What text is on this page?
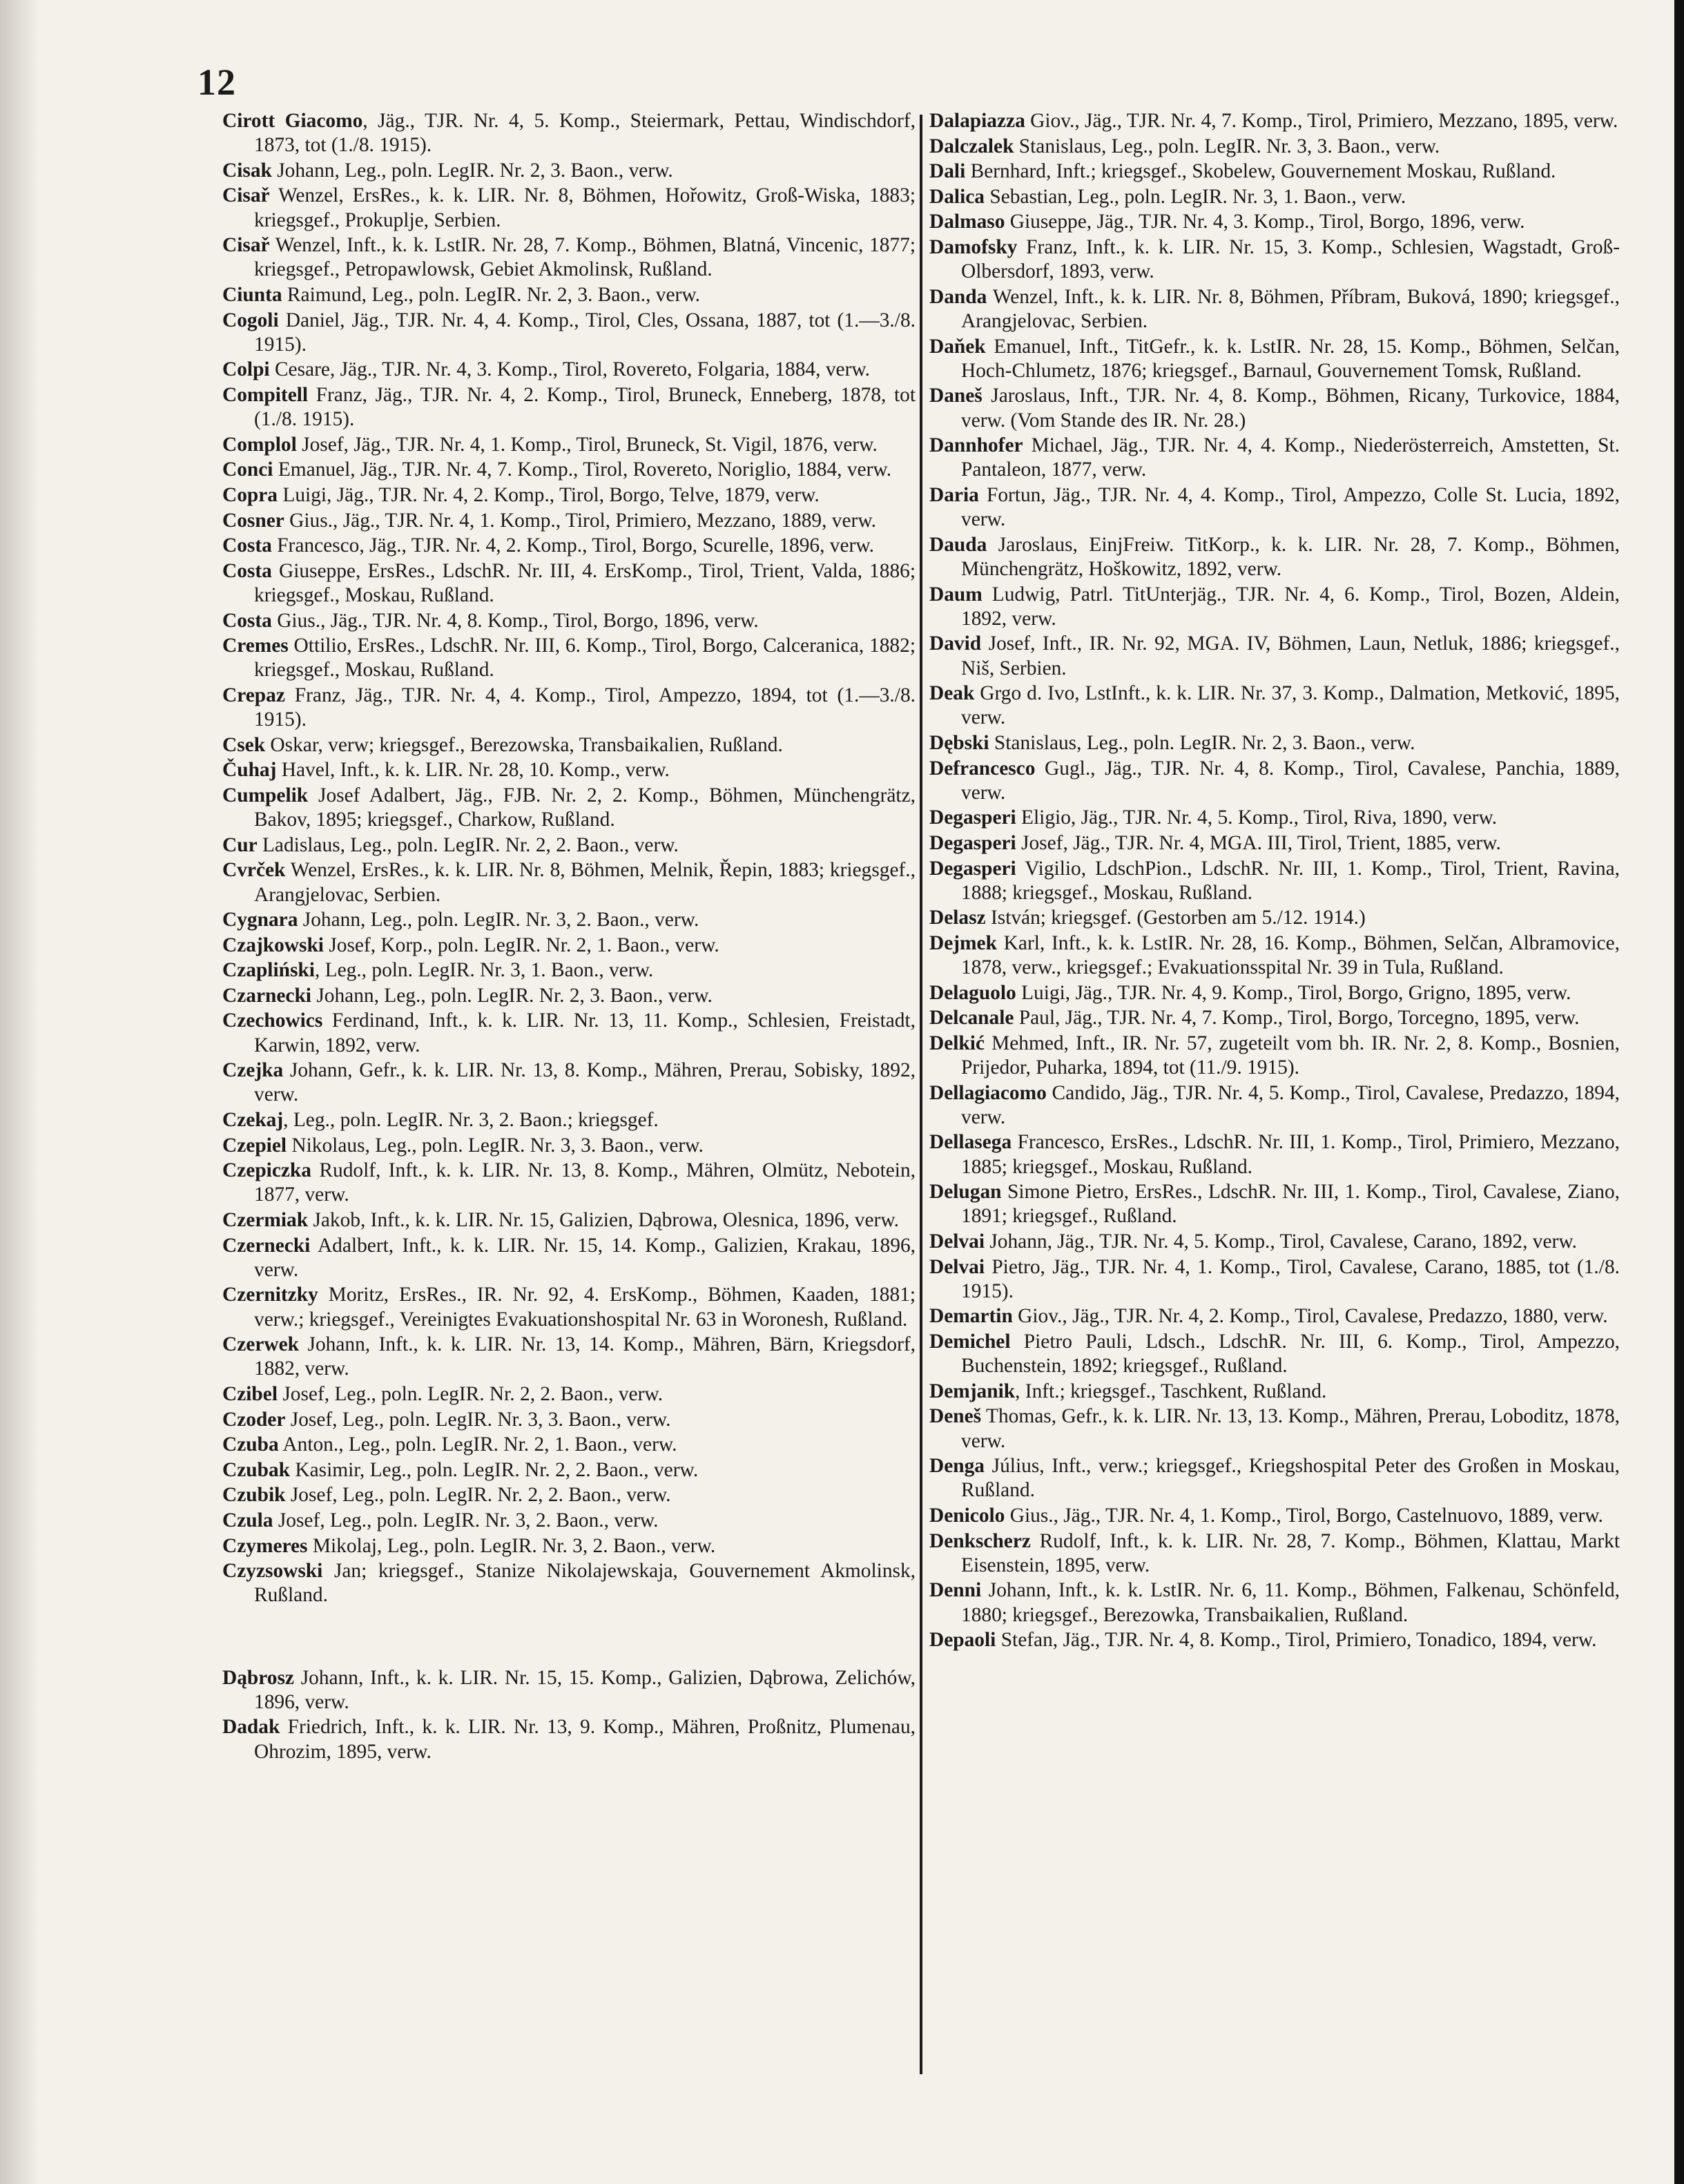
12
Cirott Giacomo, Jäg., TJR. Nr. 4, 5. Komp., Steiermark, Pettau, Windischdorf, 1873, tot (1./8. 1915).
Cisak Johann, Leg., poln. LegIR. Nr. 2, 3. Baon., verw.
Cisař Wenzel, ErsRes., k. k. LIR. Nr. 8, Böhmen, Hořowitz, Groß-Wiska, 1883; kriegsgef., Prokuplje, Serbien.
Cisař Wenzel, Inft., k. k. LstIR. Nr. 28, 7. Komp., Böhmen, Blatná, Vincenic, 1877; kriegsgef., Petropawlowsk, Gebiet Akmolinsk, Rußland.
Ciunta Raimund, Leg., poln. LegIR. Nr. 2, 3. Baon., verw.
Cogoli Daniel, Jäg., TJR. Nr. 4, 4. Komp., Tirol, Cles, Ossana, 1887, tot (1.—3./8. 1915).
Colpi Cesare, Jäg., TJR. Nr. 4, 3. Komp., Tirol, Rovereto, Folgaria, 1884, verw.
Compitell Franz, Jäg., TJR. Nr. 4, 2. Komp., Tirol, Bruneck, Enneberg, 1878, tot (1./8. 1915).
Complol Josef, Jäg., TJR. Nr. 4, 1. Komp., Tirol, Bruneck, St. Vigil, 1876, verw.
Conci Emanuel, Jäg., TJR. Nr. 4, 7. Komp., Tirol, Rovereto, Noriglio, 1884, verw.
Copra Luigi, Jäg., TJR. Nr. 4, 2. Komp., Tirol, Borgo, Telve, 1879, verw.
Cosner Gius., Jäg., TJR. Nr. 4, 1. Komp., Tirol, Primiero, Mezzano, 1889, verw.
Costa Francesco, Jäg., TJR. Nr. 4, 2. Komp., Tirol, Borgo, Scurelle, 1896, verw.
Costa Giuseppe, ErsRes., LdschR. Nr. III, 4. ErsKomp., Tirol, Trient, Valda, 1886; kriegsgef., Moskau, Rußland.
Costa Gius., Jäg., TJR. Nr. 4, 8. Komp., Tirol, Borgo, 1896, verw.
Cremes Ottilio, ErsRes., LdschR. Nr. III, 6. Komp., Tirol, Borgo, Calceranica, 1882; kriegsgef., Moskau, Rußland.
Crepaz Franz, Jäg., TJR. Nr. 4, 4. Komp., Tirol, Ampezzo, 1894, tot (1.—3./8. 1915).
Csek Oskar, verw; kriegsgef., Berezowska, Transbaikalien, Rußland.
Čuhaj Havel, Inft., k. k. LIR. Nr. 28, 10. Komp., verw.
Cumpelik Josef Adalbert, Jäg., FJB. Nr. 2, 2. Komp., Böhmen, Münchengrätz, Bakov, 1895; kriegsgef., Charkow, Rußland.
Cur Ladislaus, Leg., poln. LegIR. Nr. 2, 2. Baon., verw.
Cvrček Wenzel, ErsRes., k. k. LIR. Nr. 8, Böhmen, Melnik, Řepin, 1883; kriegsgef., Arangjelovac, Serbien.
Cygnara Johann, Leg., poln. LegIR. Nr. 3, 2. Baon., verw.
Czajkowski Josef, Korp., poln. LegIR. Nr. 2, 1. Baon., verw.
Czapliński, Leg., poln. LegIR. Nr. 3, 1. Baon., verw.
Czarnecki Johann, Leg., poln. LegIR. Nr. 2, 3. Baon., verw.
Czechowics Ferdinand, Inft., k. k. LIR. Nr. 13, 11. Komp., Schlesien, Freistadt, Karwin, 1892, verw.
Czejka Johann, Gefr., k. k. LIR. Nr. 13, 8. Komp., Mähren, Prerau, Sobisky, 1892, verw.
Czekaj, Leg., poln. LegIR. Nr. 3, 2. Baon.; kriegsgef.
Czepiel Nikolaus, Leg., poln. LegIR. Nr. 3, 3. Baon., verw.
Czepiczka Rudolf, Inft., k. k. LIR. Nr. 13, 8. Komp., Mähren, Olmütz, Nebotein, 1877, verw.
Czermiak Jakob, Inft., k. k. LIR. Nr. 15, Galizien, Dąbrowa, Olesnica, 1896, verw.
Czernecki Adalbert, Inft., k. k. LIR. Nr. 15, 14. Komp., Galizien, Krakau, 1896, verw.
Czernitzky Moritz, ErsRes., IR. Nr. 92, 4. ErsKomp., Böhmen, Kaaden, 1881; verw.; kriegsgef., Vereinigtes Evakuationshospital Nr. 63 in Woronesh, Rußland.
Czerwek Johann, Inft., k. k. LIR. Nr. 13, 14. Komp., Mähren, Bärn, Kriegsdorf, 1882, verw.
Czibel Josef, Leg., poln. LegIR. Nr. 2, 2. Baon., verw.
Czoder Josef, Leg., poln. LegIR. Nr. 3, 3. Baon., verw.
Czuba Anton., Leg., poln. LegIR. Nr. 2, 1. Baon., verw.
Czubak Kasimir, Leg., poln. LegIR. Nr. 2, 2. Baon., verw.
Czubik Josef, Leg., poln. LegIR. Nr. 2, 2. Baon., verw.
Czula Josef, Leg., poln. LegIR. Nr. 3, 2. Baon., verw.
Czymeres Mikolaj, Leg., poln. LegIR. Nr. 3, 2. Baon., verw.
Czyzsowski Jan; kriegsgef., Stanize Nikolajewskaja, Gouvernement Akmolinsk, Rußland.
Dąbrosz Johann, Inft., k. k. LIR. Nr. 15, 15. Komp., Galizien, Dąbrowa, Zelichów, 1896, verw.
Dadak Friedrich, Inft., k. k. LIR. Nr. 13, 9. Komp., Mähren, Proßnitz, Plumenau, Ohrozim, 1895, verw.
Dalapiazza Giov., Jäg., TJR. Nr. 4, 7. Komp., Tirol, Primiero, Mezzano, 1895, verw.
Dalczalek Stanislaus, Leg., poln. LegIR. Nr. 3, 3. Baon., verw.
Dali Bernhard, Inft.; kriegsgef., Skobelew, Gouvernement Moskau, Rußland.
Dalica Sebastian, Leg., poln. LegIR. Nr. 3, 1. Baon., verw.
Dalmaso Giuseppe, Jäg., TJR. Nr. 4, 3. Komp., Tirol, Borgo, 1896, verw.
Damofsky Franz, Inft., k. k. LIR. Nr. 15, 3. Komp., Schlesien, Wagstadt, Groß-Olbersdorf, 1893, verw.
Danda Wenzel, Inft., k. k. LIR. Nr. 8, Böhmen, Příbram, Buková, 1890; kriegsgef., Arangjelovac, Serbien.
Daňek Emanuel, Inft., TitGefr., k. k. LstIR. Nr. 28, 15. Komp., Böhmen, Selčan, Hoch-Chlumetz, 1876; kriegsgef., Barnaul, Gouvernement Tomsk, Rußland.
Daneš Jaroslaus, Inft., TJR. Nr. 4, 8. Komp., Böhmen, Ricany, Turkovice, 1884, verw. (Vom Stande des IR. Nr. 28.)
Dannhofer Michael, Jäg., TJR. Nr. 4, 4. Komp., Niederösterreich, Amstetten, St. Pantaleon, 1877, verw.
Daria Fortun, Jäg., TJR. Nr. 4, 4. Komp., Tirol, Ampezzo, Colle St. Lucia, 1892, verw.
Dauda Jaroslaus, EinjFreiw. TitKorp., k. k. LIR. Nr. 28, 7. Komp., Böhmen, Münchengrätz, Hoškowitz, 1892, verw.
Daum Ludwig, Patrl. TitUnterjäg., TJR. Nr. 4, 6. Komp., Tirol, Bozen, Aldein, 1892, verw.
David Josef, Inft., IR. Nr. 92, MGA. IV, Böhmen, Laun, Netluk, 1886; kriegsgef., Niš, Serbien.
Deak Grgo d. Ivo, LstInft., k. k. LIR. Nr. 37, 3. Komp., Dalmation, Metković, 1895, verw.
Dębski Stanislaus, Leg., poln. LegIR. Nr. 2, 3. Baon., verw.
Defrancesco Gugl., Jäg., TJR. Nr. 4, 8. Komp., Tirol, Cavalese, Panchia, 1889, verw.
Degasperi Eligio, Jäg., TJR. Nr. 4, 5. Komp., Tirol, Riva, 1890, verw.
Degasperi Josef, Jäg., TJR. Nr. 4, MGA. III, Tirol, Trient, 1885, verw.
Degasperi Vigilio, LdschPion., LdschR. Nr. III, 1. Komp., Tirol, Trient, Ravina, 1888; kriegsgef., Moskau, Rußland.
Delasz István; kriegsgef. (Gestorben am 5./12. 1914.)
Dejmek Karl, Inft., k. k. LstIR. Nr. 28, 16. Komp., Böhmen, Selčan, Albramovice, 1878, verw., kriegsgef.; Evakuationsspital Nr. 39 in Tula, Rußland.
Delaguolo Luigi, Jäg., TJR. Nr. 4, 9. Komp., Tirol, Borgo, Grigno, 1895, verw.
Delcanale Paul, Jäg., TJR. Nr. 4, 7. Komp., Tirol, Borgo, Torcegno, 1895, verw.
Delkić Mehmed, Inft., IR. Nr. 57, zugeteilt vom bh. IR. Nr. 2, 8. Komp., Bosnien, Prijedor, Puharka, 1894, tot (11./9. 1915).
Dellagiacomo Candido, Jäg., TJR. Nr. 4, 5. Komp., Tirol, Cavalese, Predazzo, 1894, verw.
Dellasega Francesco, ErsRes., LdschR. Nr. III, 1. Komp., Tirol, Primiero, Mezzano, 1885; kriegsgef., Moskau, Rußland.
Delugan Simone Pietro, ErsRes., LdschR. Nr. III, 1. Komp., Tirol, Cavalese, Ziano, 1891; kriegsgef., Rußland.
Delvai Johann, Jäg., TJR. Nr. 4, 5. Komp., Tirol, Cavalese, Carano, 1892, verw.
Delvai Pietro, Jäg., TJR. Nr. 4, 1. Komp., Tirol, Cavalese, Carano, 1885, tot (1./8. 1915).
Demartin Giov., Jäg., TJR. Nr. 4, 2. Komp., Tirol, Cavalese, Predazzo, 1880, verw.
Demichel Pietro Pauli, Ldsch., LdschR. Nr. III, 6. Komp., Tirol, Ampezzo, Buchenstein, 1892; kriegsgef., Rußland.
Demjanik, Inft.; kriegsgef., Taschkent, Rußland.
Deneš Thomas, Gefr., k. k. LIR. Nr. 13, 13. Komp., Mähren, Prerau, Loboditz, 1878, verw.
Denga Július, Inft., verw.; kriegsgef., Kriegshospital Peter des Großen in Moskau, Rußland.
Denicolo Gius., Jäg., TJR. Nr. 4, 1. Komp., Tirol, Borgo, Castelnuovo, 1889, verw.
Denkscherz Rudolf, Inft., k. k. LIR. Nr. 28, 7. Komp., Böhmen, Klattau, Markt Eisenstein, 1895, verw.
Denni Johann, Inft., k. k. LstIR. Nr. 6, 11. Komp., Böhmen, Falkenau, Schönfeld, 1880; kriegsgef., Berezowka, Transbaikalien, Rußland.
Depaoli Stefan, Jäg., TJR. Nr. 4, 8. Komp., Tirol, Primiero, Tonadico, 1894, verw.
